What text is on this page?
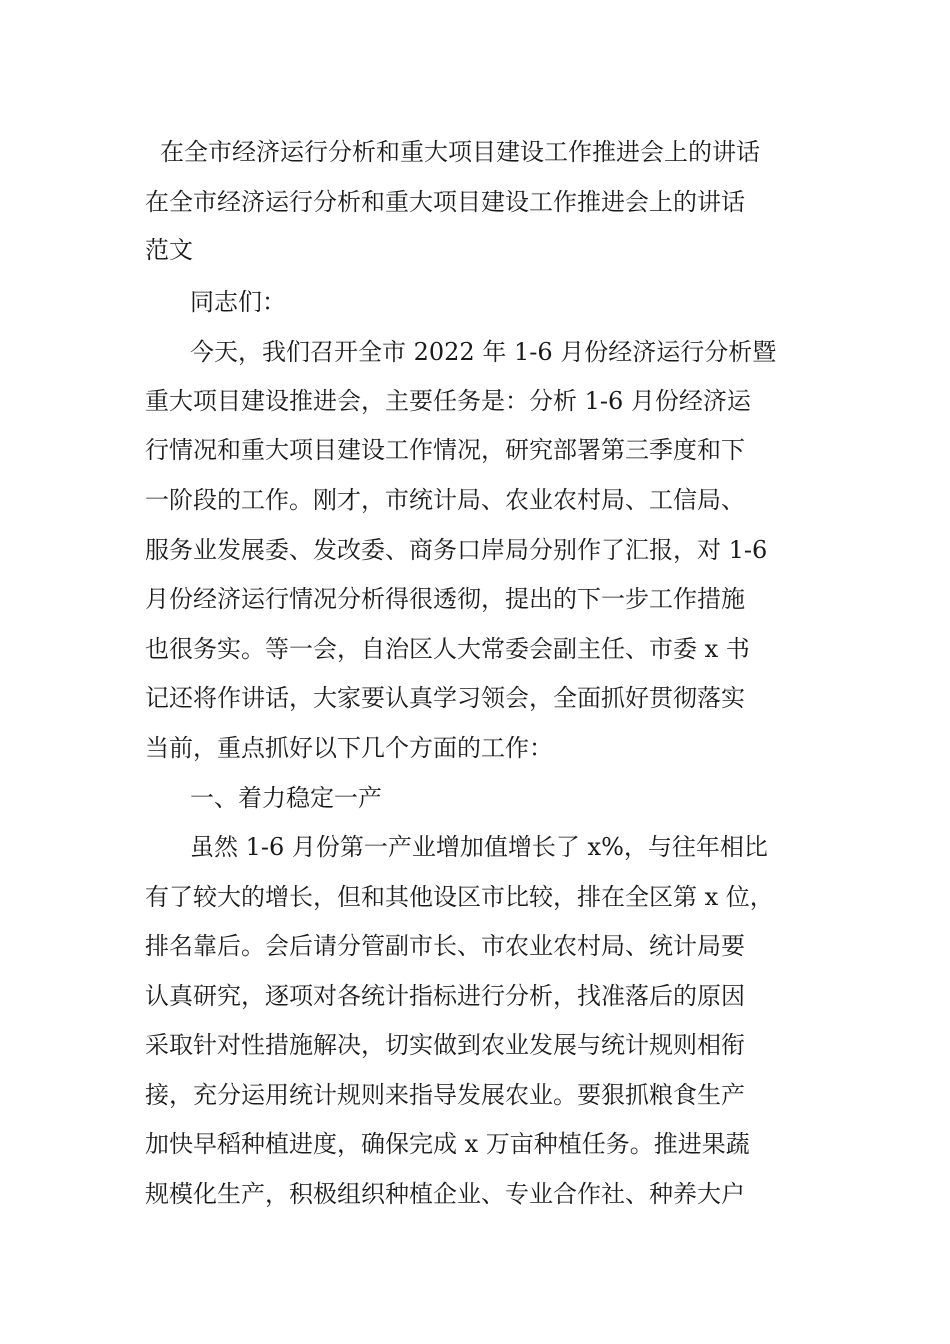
在全市经济运行分析和重大项目建设工作推进会上的讲话

在全市经济运行分析和重大项目建设工作推进会上的讲话

范文

同志们：

今天，我们召开全市 2022 年 1-6 月份经济运行分析暨

重大项目建设推进会，主要任务是：分析 1-6 月份经济运

行情况和重大项目建设工作情况，研究部署第三季度和下

一阶段的工作。刚才，市统计局、农业农村局、工信局、

服务业发展委、发改委、商务口岸局分别作了汇报，对 1-6

月份经济运行情况分析得很透彻，提出的下一步工作措施

也很务实。等一会，自治区人大常委会副主任、市委 x 书

记还将作讲话，大家要认真学习领会，全面抓好贯彻落实

当前，重点抓好以下几个方面的工作：

一、着力稳定一产

虽然 1-6 月份第一产业增加值增长了 x%，与往年相比

有了较大的增长，但和其他设区市比较，排在全区第 x 位，

排名靠后。会后请分管副市长、市农业农村局、统计局要

认真研究，逐项对各统计指标进行分析，找准落后的原因

采取针对性措施解决，切实做到农业发展与统计规则相衔

接，充分运用统计规则来指导发展农业。要狠抓粮食生产

加快早稻种植进度，确保完成 x 万亩种植任务。推进果蔬

规模化生产，积极组织种植企业、专业合作社、种养大户
